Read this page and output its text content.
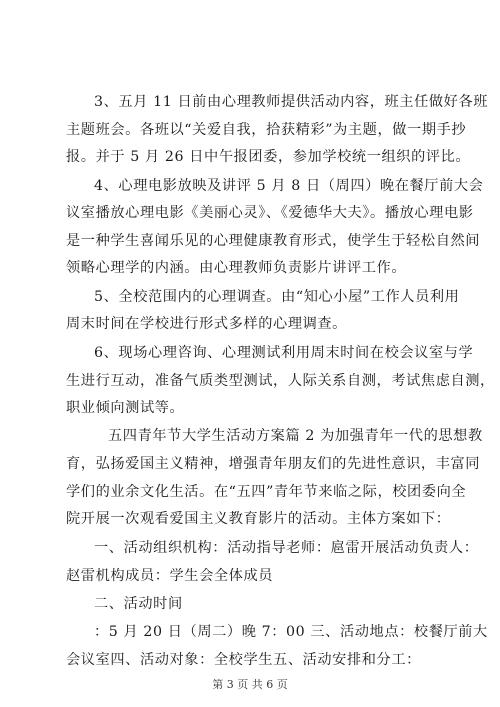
3、五月 11 日前由心理教师提供活动内容，班主任做好各班
主题班会。各班以“关爱自我，拾获精彩”为主题，做一期手抄
报。并于 5 月 26 日中午报团委，参加学校统一组织的评比。
4、心理电影放映及讲评 5 月 8 日（周四）晚在餐厅前大会
议室播放心理电影《美丽心灵》、《爱德华大夫》。播放心理电影
是一种学生喜闻乐见的心理健康教育形式，使学生于轻松自然间
领略心理学的内涵。由心理教师负责影片讲评工作。
5、全校范围内的心理调查。由“知心小屋”工作人员利用
周末时间在学校进行形式多样的心理调查。
6、现场心理咨询、心理测试利用周末时间在校会议室与学
生进行互动，准备气质类型测试，人际关系自测，考试焦虑自测，
职业倾向测试等。
五四青年节大学生活动方案篇 2 为加强青年一代的思想教
育，弘扬爱国主义精神，增强青年朋友们的先进性意识，丰富同
学们的业余文化生活。在“五四”青年节来临之际，校团委向全
院开展一次观看爱国主义教育影片的活动。主体方案如下：
一、活动组织机构：活动指导老师：扈雷开展活动负责人：
赵雷机构成员：学生会全体成员
二、活动时间
：5 月 20 日（周二）晚 7：00 三、活动地点：校餐厅前大
会议室四、活动对象：全校学生五、活动安排和分工：
第 3 页 共 6 页
